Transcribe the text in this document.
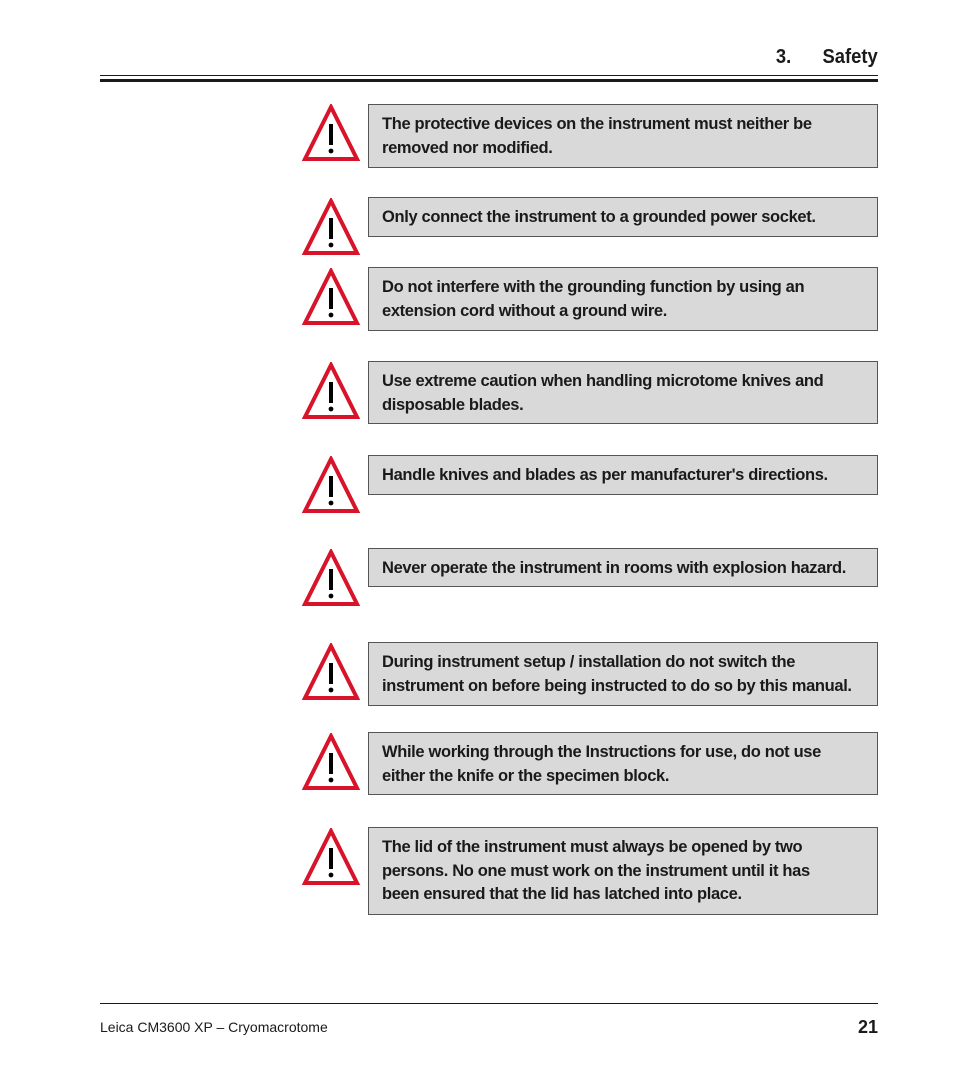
3. Safety
The protective devices on the instrument must neither be
removed nor modified.
Only connect the instrument to a grounded power socket.
Do not interfere with the grounding function by using an
extension cord without a ground wire.
Use extreme caution when handling microtome knives and
disposable blades.
Handle knives and blades as per manufacturer's directions.
Never operate the instrument in rooms with explosion hazard.
During instrument setup / installation do not switch the
instrument on before being instructed to do so by this manual.
While working through the Instructions for use, do not use
either the knife or the specimen block.
The lid of the instrument must always be opened by two
persons. No one must work on the instrument until it has
been ensured that the lid has latched into place.
Leica CM3600 XP – Cryomacrotome	21
